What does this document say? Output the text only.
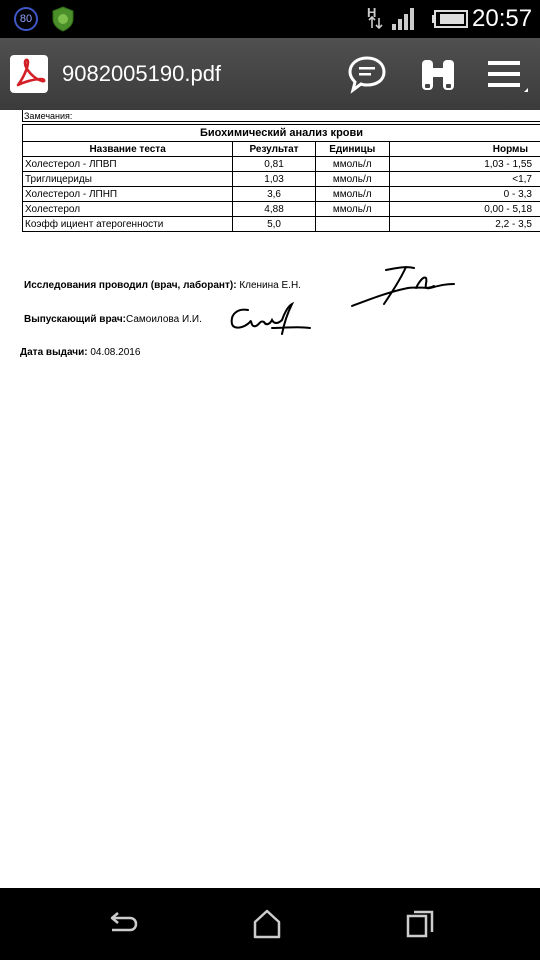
80	H	20:57
9082005190.pdf
Замечания:
Биохимический анализ крови			
Название теста	Результат	Единицы	Нормы
Холестерол - ЛПВП	0,81	ммоль/л	1,03 - 1,55
Триглицериды	1,03	ммоль/л	<1,7
Холестерол - ЛПНП	3,6	ммоль/л	0 - 3,3
Холестерол	4,88	ммоль/л	0,00 - 5,18
Коэфф ициент атерогенности	5,0		2,2 - 3,5
Исследования проводил (врач, лаборант): Кленина Е.Н.
Выпускающий врач:Самоилова И.И.
Дата выдачи: 04.08.2016
